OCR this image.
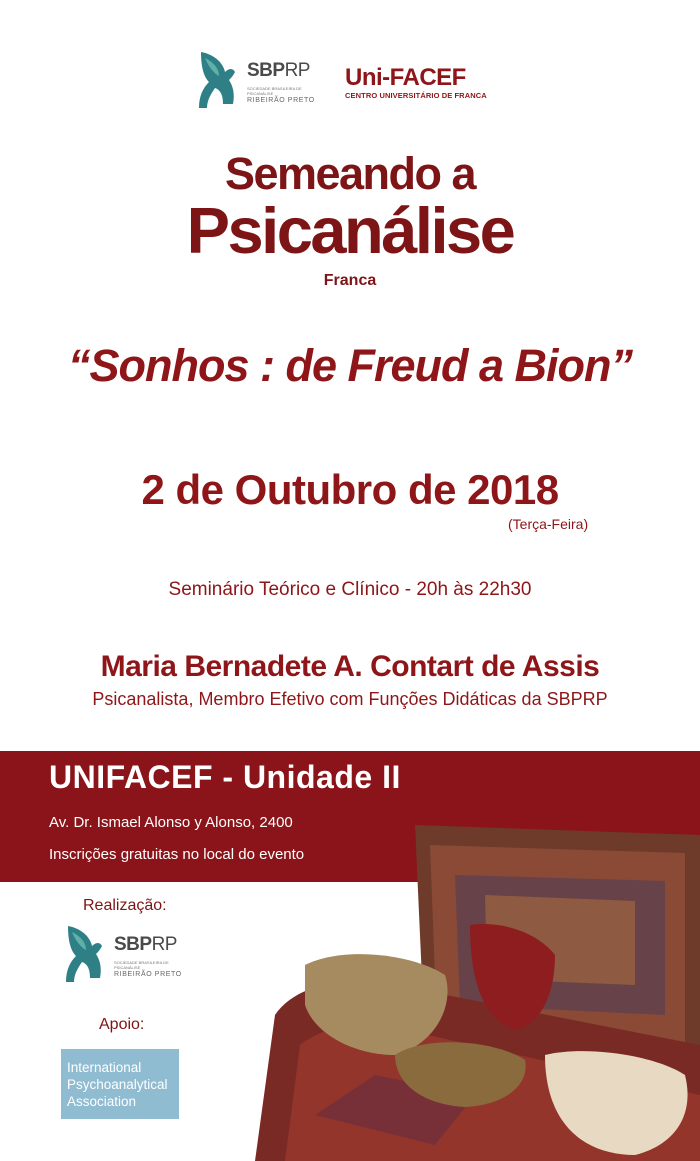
SBPRP
SOCIEDADE BRASILEIRA DE PSICANÁLISE
RIBEIRÃO PRETO
Uni-FACEF
CENTRO UNIVERSITÁRIO DE FRANCA
Semeando a
Psicanálise
Franca
“Sonhos : de Freud a Bion”
2 de Outubro de 2018
(Terça-Feira)
Seminário Teórico e Clínico - 20h às 22h30
Maria Bernadete A. Contart de Assis
Psicanalista, Membro Efetivo com Funções Didáticas da SBPRP
UNIFACEF - Unidade II
Av. Dr. Ismael Alonso y Alonso, 2400
Inscrições gratuitas no local do evento
Realização:
SBPRP
SOCIEDADE BRASILEIRA DE PSICANÁLISE
RIBEIRÃO PRETO
Apoio:
International
Psychoanalytical
Association
